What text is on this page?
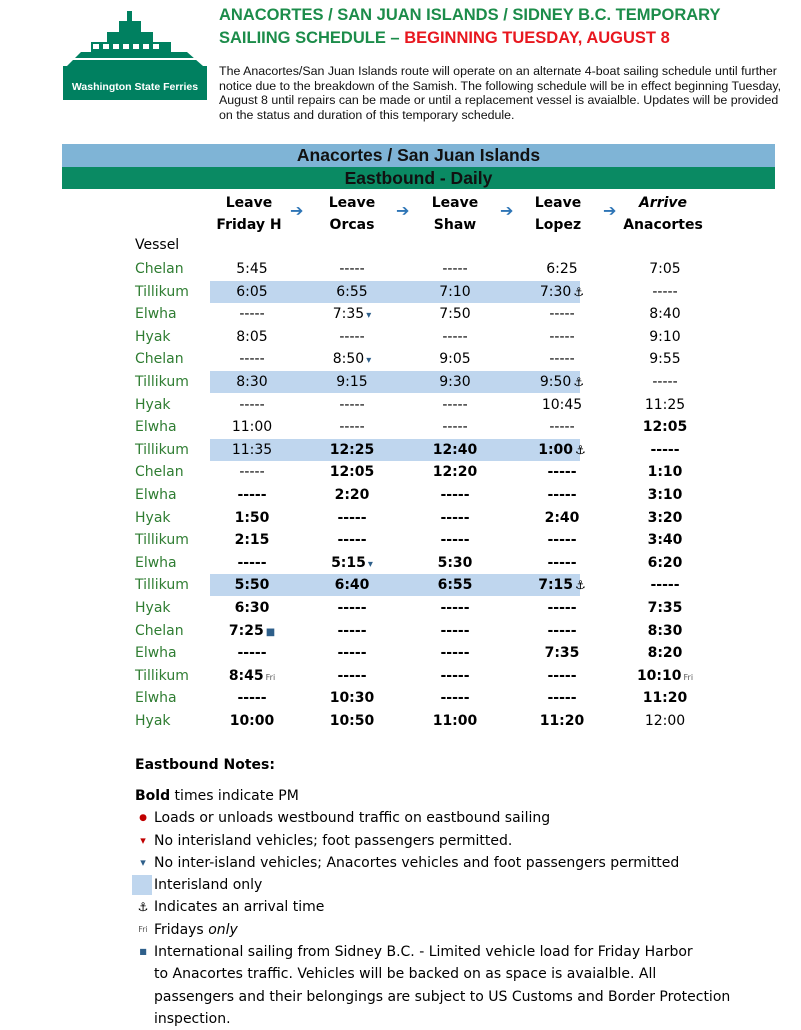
Washington State Ferries
ANACORTES / SAN JUAN ISLANDS / SIDNEY B.C. TEMPORARY
SAILIING SCHEDULE – BEGINNING TUESDAY, AUGUST 8
The Anacortes/San Juan Islands route will operate on an alternate 4-boat sailing schedule until further notice due to the breakdown of the Samish. The following schedule will be in effect beginning Tuesday, August 8 until repairs can be made or until a replacement vessel is avaialble. Updates will be provided on the status and duration of this temporary schedule.
Anacortes / San Juan Islands
Eastbound - Daily
Leave
Friday H
➔	Leave
Orcas
➔	Leave
Shaw
➔	Leave
Lopez
➔	Arrive
Anacortes
Vessel
Chelan	5:45	-----	-----	6:25	7:05
Tillikum	6:05	6:55	7:10	7:30 ⚓	-----
Elwha	-----	7:35 ▾	7:50	-----	8:40
Hyak	8:05	-----	-----	-----	9:10
Chelan	-----	8:50 ▾	9:05	-----	9:55
Tillikum	8:30	9:15	9:30	9:50 ⚓	-----
Hyak	-----	-----	-----	10:45	11:25
Elwha	11:00	-----	-----	-----	12:05
Tillikum	11:35	12:25	12:40	1:00 ⚓	-----
Chelan	-----	12:05	12:20	-----	1:10
Elwha	-----	2:20	-----	-----	3:10
Hyak	1:50	-----	-----	2:40	3:20
Tillikum	2:15	-----	-----	-----	3:40
Elwha	-----	5:15 ▾	5:30	-----	6:20
Tillikum	5:50	6:40	6:55	7:15 ⚓	-----
Hyak	6:30	-----	-----	-----	7:35
Chelan	7:25 ■	-----	-----	-----	8:30
Elwha	-----	-----	-----	7:35	8:20
Tillikum	8:45 Fri	-----	-----	-----	10:10 Fri
Elwha	-----	10:30	-----	-----	11:20
Hyak	10:00	10:50	11:00	11:20	12:00
Eastbound Notes:
Bold times indicate PM
● Loads or unloads westbound traffic on eastbound sailing
▾ No interisland vehicles; foot passengers permitted.
▾ No inter-island vehicles; Anacortes vehicles and foot passengers permitted
Interisland only
⚓ Indicates an arrival time
Fri Fridays only
■ International sailing from Sidney B.C. - Limited vehicle load for Friday Harbor
to Anacortes traffic. Vehicles will be backed on as space is avaialble. All
passengers and their belongings are subject to US Customs and Border Protection
inspection.
